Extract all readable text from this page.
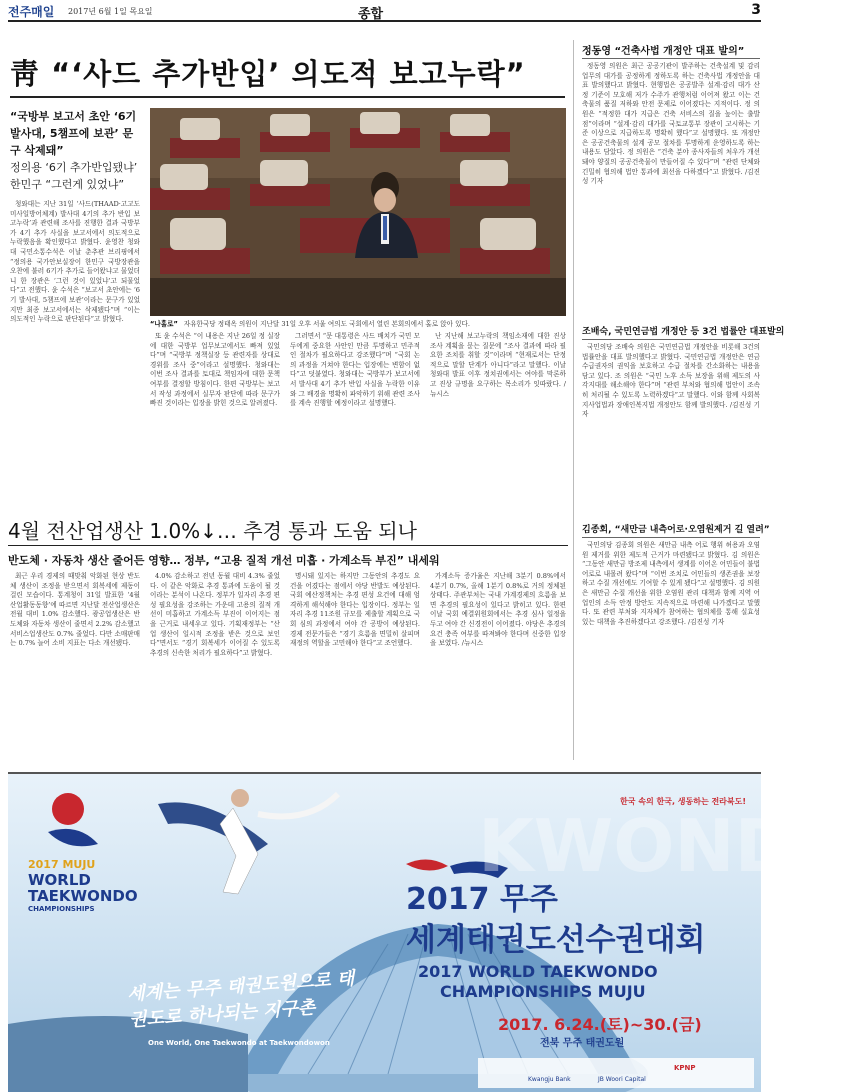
전주매일 2017년 6월 1일 목요일	종합	3
靑 “‘사드 추가반입’ 의도적 보고누락”
“국방부 보고서 초안 ‘6기 발사대, 5챔프에 보관’ 문구 삭제돼”
정의용 ‘6기 추가반입됐냐’ 한민구 “그런게 있었냐”

청와대는 지난 31일 ‘사드(THAAD·고고도미사일방어체계) 발사대 4기의 추가 반입 보고누락’과 관련해 조사를 진행한 결과 국방부가 4기 추가 사실을 보고서에서 의도적으로 누락했음을 확인했다고 밝혔다. 윤영찬 청와대 국민소통수석은 이날 춘추관 브리핑에서 “정의용 국가안보실장이 한민구 국방장관을 오찬에 불러 6기가 추가로 들어왔냐고 물었더니 한 장관은 ‘그런 것이 있었냐’고 되물었다”고 전했다. 윤 수석은 “보고서 초안에는 ‘6기 발사대, 5챔프에 보관’이라는 문구가 있었지만 최종 보고서에서는 삭제됐다”며 “이는 의도적인 누락으로 판단된다”고 밝혔다.

“나홀로” 자유한국당 정태옥 의원이 지난달 31일 오후 서울 여의도 국회에서 열린 본회의에서 홀로 앉아 있다.

또 윤 수석은 “이 내용은 지난 26일 정 실장에 대한 국방부 업무보고에서도 빠져 있었다”며 “국방부 정책실장 등 관련자를 상대로 경위를 조사 중”이라고 설명했다. 청와대는 이번 조사 결과를 토대로 책임자에 대한 문책 여부를 결정할 방침이다. 한편 국방부는 보고서 작성 과정에서 실무자 판단에 따라 문구가 빠진 것이라는 입장을 밝힌 것으로 알려졌다.

그러면서 “문 대통령은 사드 배치가 국민 모두에게 중요한 사안인 만큼 투명하고 민주적인 절차가 필요하다고 강조했다”며 “국회 논의 과정을 거쳐야 한다는 입장에는 변함이 없다”고 덧붙였다. 청와대는 국방부가 보고서에서 발사대 4기 추가 반입 사실을 누락한 이유와 그 배경을 명확히 파악하기 위해 관련 조사를 계속 진행할 예정이라고 설명했다.

난 지난해 보고누락의 책임소재에 대한 진상조사 계획을 묻는 질문에 “조사 결과에 따라 필요한 조치를 취할 것”이라며 “현재로서는 단정적으로 말할 단계가 아니다”라고 말했다. 이날 청와대 발표 이후 정치권에서는 여야를 막론하고 진상 규명을 요구하는 목소리가 잇따랐다. /뉴시스

정동영 “건축사법 개정안 대표 발의”

정동영 의원은 최근 공공기관이 발주하는 건축설계 및 감리업무의 대가를 공정하게 정하도록 하는 건축사법 개정안을 대표 발의했다고 밝혔다. 현행법은 공공발주 설계·감리 대가 산정 기준이 모호해 저가 수주가 관행처럼 이어져 왔고 이는 건축물의 품질 저하와 안전 문제로 이어졌다는 지적이다. 정 의원은 “적정한 대가 지급은 건축 서비스의 질을 높이는 출발점”이라며 “설계·감리 대가를 국토교통부 장관이 고시하는 기준 이상으로 지급하도록 명확히 했다”고 설명했다. 또 개정안은 공공건축물의 설계 공모 절차를 투명하게 운영하도록 하는 내용도 담았다. 정 의원은 “건축 분야 종사자들의 처우가 개선돼야 양질의 공공건축물이 만들어질 수 있다”며 “관련 단체와 긴밀히 협의해 법안 통과에 최선을 다하겠다”고 밝혔다. /김진성 기자

조배숙, 국민연금법 개정안 등 3건 법률안 대표발의

국민의당 조배숙 의원은 국민연금법 개정안을 비롯해 3건의 법률안을 대표 발의했다고 밝혔다. 국민연금법 개정안은 연금 수급권자의 권익을 보호하고 수급 절차를 간소화하는 내용을 담고 있다. 조 의원은 “국민 노후 소득 보장을 위해 제도의 사각지대를 해소해야 한다”며 “관련 부처와 협의해 법안이 조속히 처리될 수 있도록 노력하겠다”고 말했다. 이와 함께 사회복지사업법과 장애인복지법 개정안도 함께 발의했다. /김진성 기자

김종회, “새만금 내측어로·오염원제거 길 열려”

국민의당 김종회 의원은 새만금 내측 어로 행위 허용과 오염원 제거를 위한 제도적 근거가 마련됐다고 밝혔다. 김 의원은 “그동안 새만금 방조제 내측에서 생계를 이어온 어민들이 불법 어로로 내몰려 왔다”며 “이번 조치로 어민들의 생존권을 보장하고 수질 개선에도 기여할 수 있게 됐다”고 설명했다. 김 의원은 새만금 수질 개선을 위한 오염원 관리 대책과 함께 지역 어업인의 소득 안정 방안도 지속적으로 마련해 나가겠다고 말했다. 또 관련 부처와 지자체가 참여하는 협의체를 통해 실효성 있는 대책을 추진하겠다고 강조했다. /김진성 기자

4월 전산업생산 1.0%↓… 추경 통과 도움 되나
반도체 · 자동차 생산 줄어든 영향… 정부, “고용 질적 개선 미흡 · 가계소득 부진” 내세워

최근 우리 경제의 때맞춰 악화된 현상 반도체 생산이 조정을 받으면서 회복세에 제동이 걸린 모습이다. 통계청이 31일 발표한 ‘4월 산업활동동향’에 따르면 지난달 전산업생산은 전월 대비 1.0% 감소했다. 광공업생산은 반도체와 자동차 생산이 줄면서 2.2% 감소했고 서비스업생산도 0.7% 줄었다. 다만 소매판매는 0.7% 늘어 소비 지표는 다소 개선됐다.

4.0% 감소하고 전년 동월 대비 4.3% 줄었다. 이 같은 악화로 추경 통과에 도움이 될 것이라는 분석이 나온다. 정부가 일자리 추경 편성 필요성을 강조하는 가운데 고용의 질적 개선이 미흡하고 가계소득 부진이 이어지는 점을 근거로 내세우고 있다. 기획재정부는 “산업 생산이 일시적 조정을 받은 것으로 보인다”면서도 “경기 회복세가 이어질 수 있도록 추경의 신속한 처리가 필요하다”고 밝혔다.

명시돼 있지는 하지만 그동안의 추경도 요건을 어겼다는 점에서 야당 반발도 예상된다. 국회 예산정책처는 추경 편성 요건에 대해 엄격하게 해석해야 한다는 입장이다. 정부는 일자리 추경 11조원 규모를 제출할 계획으로 국회 심의 과정에서 여야 간 공방이 예상된다. 경제 전문가들은 “경기 흐름을 면밀히 살피며 재정의 역할을 고민해야 한다”고 조언했다.

가계소득 증가율은 지난해 3분기 0.8%에서 4분기 0.7%, 올해 1분기 0.8%로 거의 정체된 상태다. 주관부처는 국내 가계경제의 흐름을 보면 추경의 필요성이 있다고 밝히고 있다. 한편 이날 국회 예결위원회에서는 추경 심사 일정을 두고 여야 간 신경전이 이어졌다. 야당은 추경의 요건 충족 여부를 따져봐야 한다며 신중한 입장을 보였다. /뉴시스

한국 속의 한국, 생동하는 전라북도!
KWONDO
2017 MUJU
WORLD
TAEKWONDO
CHAMPIONSHIPS
세계는 무주 태권도원으로 태권도로 하나되는 지구촌
One World, One Taekwondo at Taekwondowon
2017 무주
세계태권도선수권대회
2017 WORLD TAEKWONDO
CHAMPIONSHIPS MUJU
2017. 6.24.(토)~30.(금)
전북 무주 태권도원
KPNP
Kwangju Bank	JB Woori Capital
